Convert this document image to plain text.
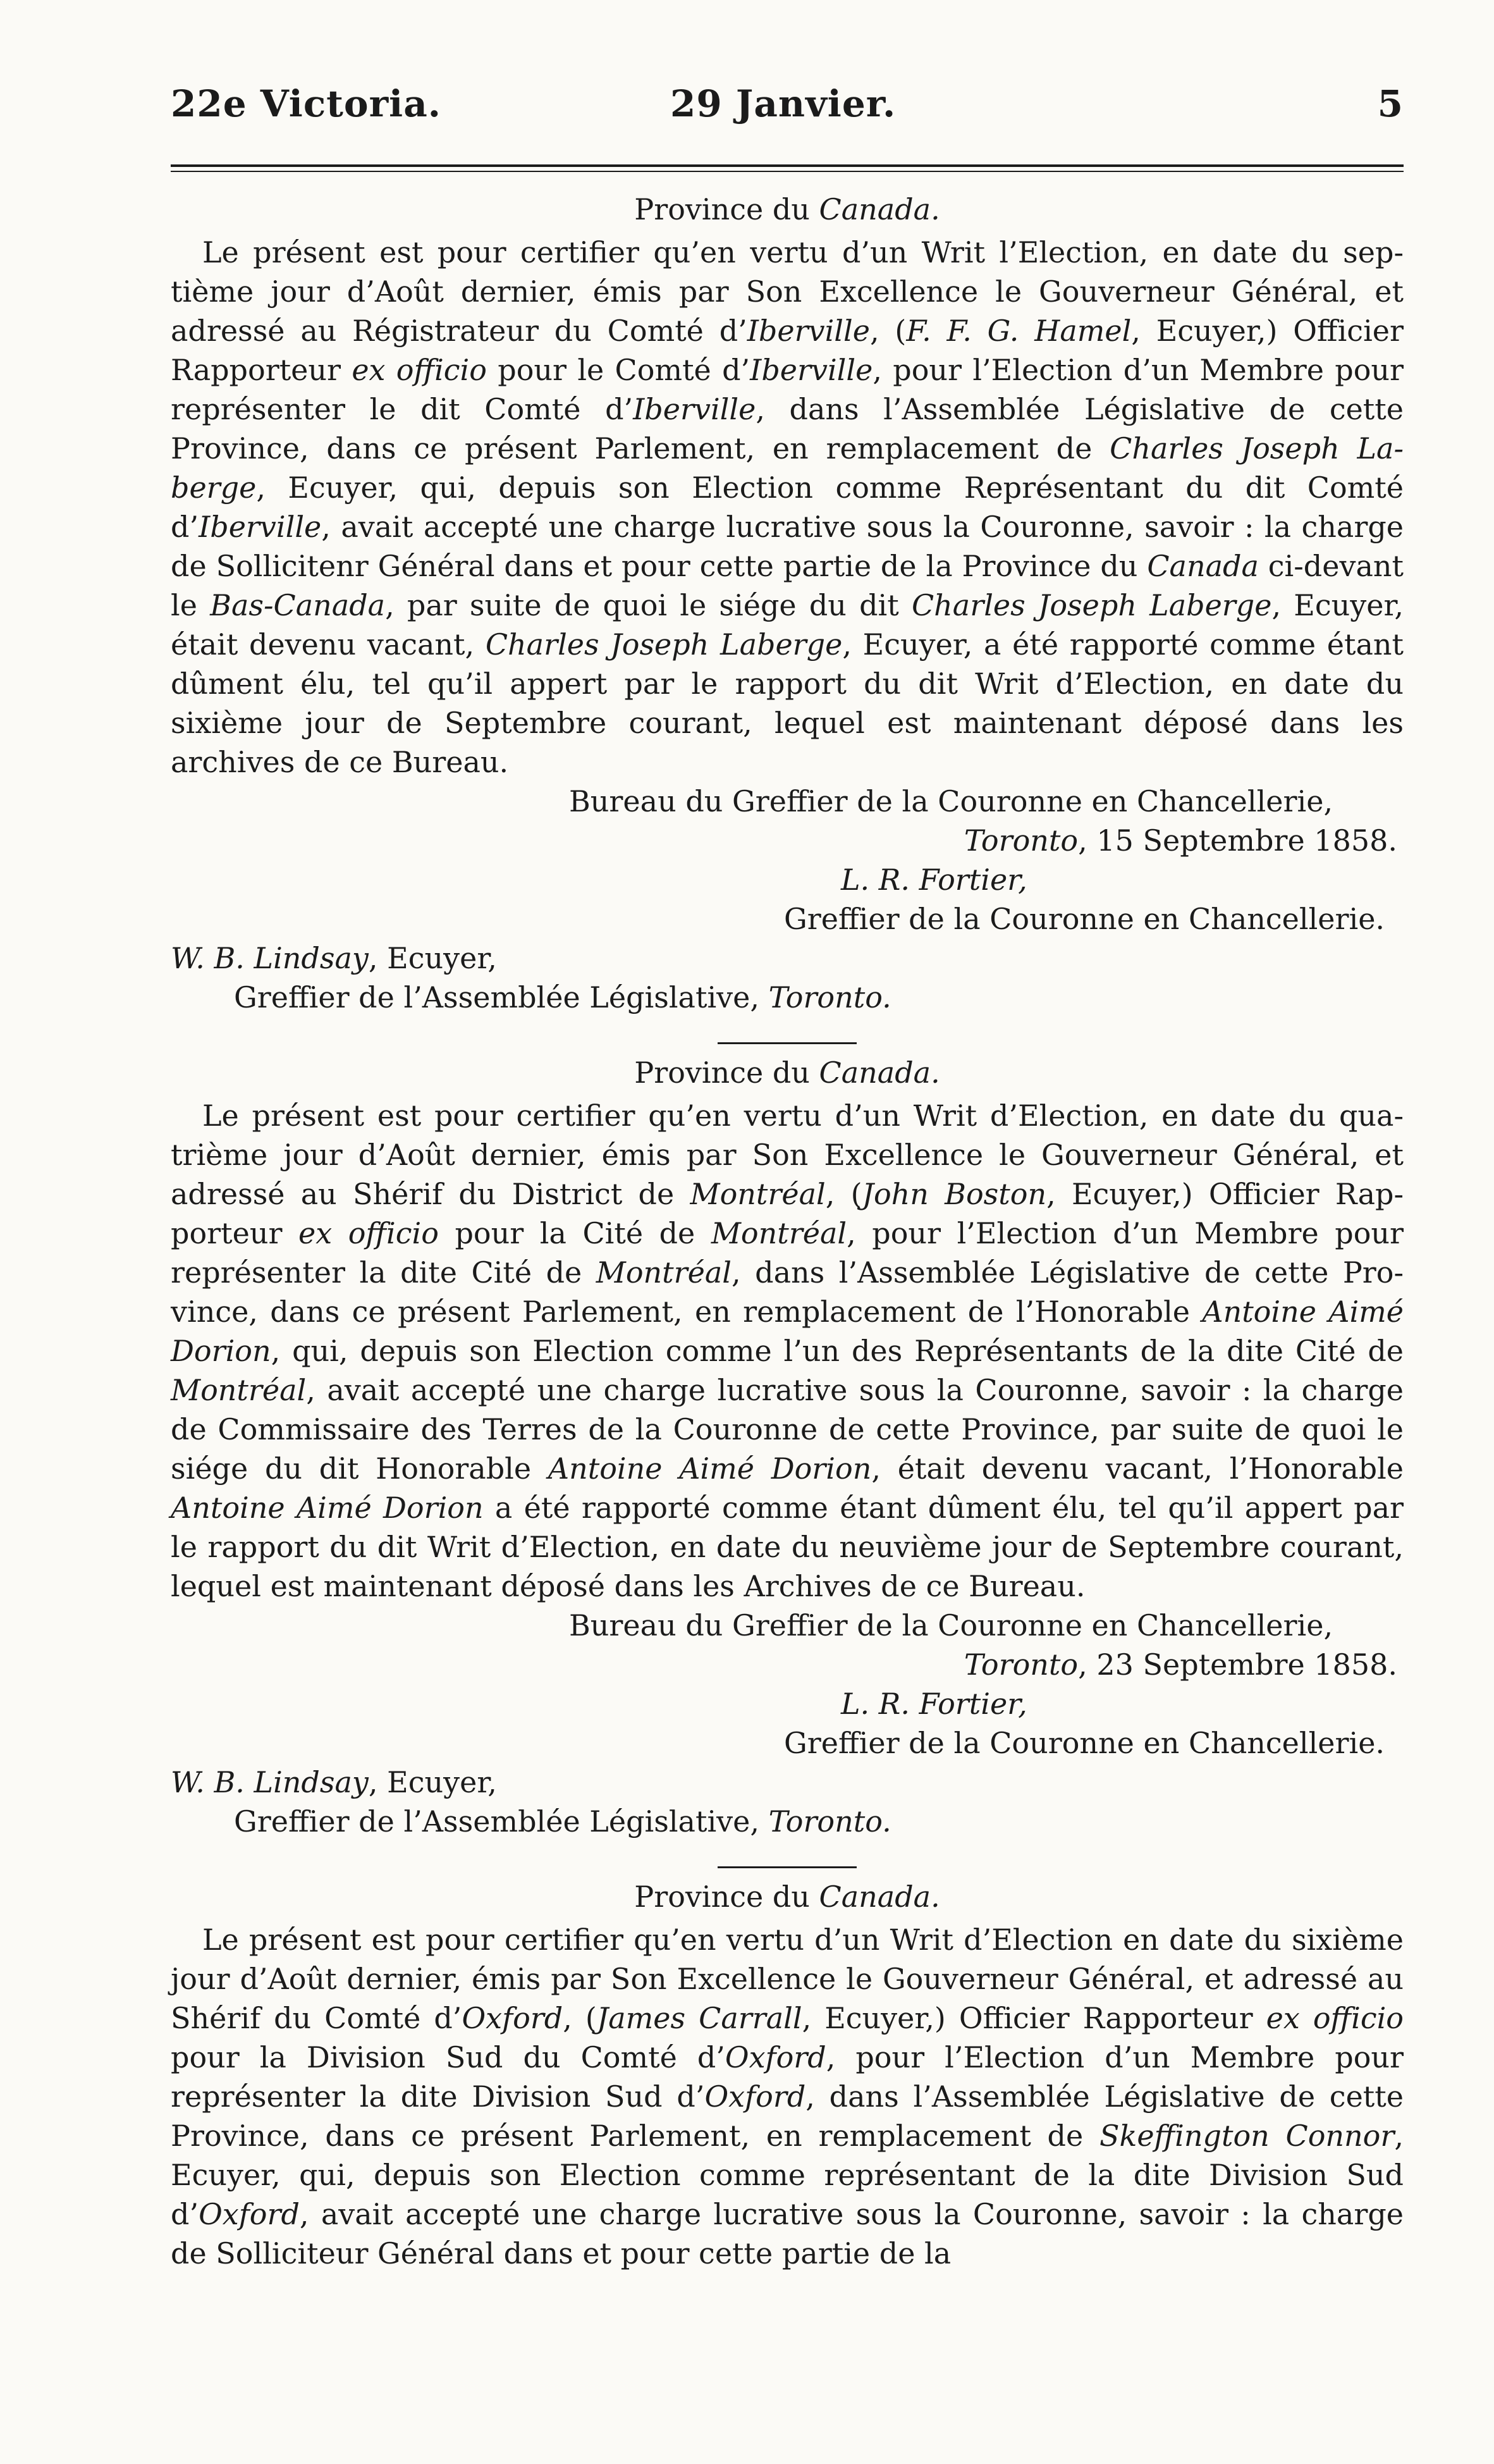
22e Victoria.	29 Janvier.	5

Province du Canada.

Le présent est pour certifier qu’en vertu d’un Writ l’Election, en date du septième jour d’Août dernier, émis par Son Excellence le Gouverneur Général, et adressé au Régistrateur du Comté d’Iberville, (F. F. G. Hamel, Ecuyer,) Officier Rapporteur ex officio pour le Comté d’Iberville, pour l’Election d’un Membre pour représenter le dit Comté d’Iberville, dans l’Assemblée Législative de cette Province, dans ce présent Parlement, en remplacement de Charles Joseph Laberge, Ecuyer, qui, depuis son Election comme Représentant du dit Comté d’Iberville, avait accepté une charge lucrative sous la Couronne, savoir : la charge de Sollicitenr Général dans et pour cette partie de la Province du Canada ci-devant le Bas-Canada, par suite de quoi le siége du dit Charles Joseph Laberge, Ecuyer, était devenu vacant, Charles Joseph Laberge, Ecuyer, a été rapporté comme étant dûment élu, tel qu’il appert par le rapport du dit Writ d’Election, en date du sixième jour de Septembre courant, lequel est maintenant déposé dans les archives de ce Bureau.

Bureau du Greffier de la Couronne en Chancellerie,

Toronto, 15 Septembre 1858.

L. R. Fortier,

Greffier de la Couronne en Chancellerie.

W. B. Lindsay, Ecuyer,

Greffier de l’Assemblée Législative, Toronto.

Province du Canada.

Le présent est pour certifier qu’en vertu d’un Writ d’Election, en date du quatrième jour d’Août dernier, émis par Son Excellence le Gouverneur Général, et adressé au Shérif du District de Montréal, (John Boston, Ecuyer,) Officier Rapporteur ex officio pour la Cité de Montréal, pour l’Election d’un Membre pour représenter la dite Cité de Montréal, dans l’Assemblée Législative de cette Province, dans ce présent Parlement, en remplacement de l’Honorable Antoine Aimé Dorion, qui, depuis son Election comme l’un des Représentants de la dite Cité de Montréal, avait accepté une charge lucrative sous la Couronne, savoir : la charge de Commissaire des Terres de la Couronne de cette Province, par suite de quoi le siége du dit Honorable Antoine Aimé Dorion, était devenu vacant, l’Honorable Antoine Aimé Dorion a été rapporté comme étant dûment élu, tel qu’il appert par le rapport du dit Writ d’Election, en date du neuvième jour de Septembre courant, lequel est maintenant déposé dans les Archives de ce Bureau.

Bureau du Greffier de la Couronne en Chancellerie,

Toronto, 23 Septembre 1858.

L. R. Fortier,

Greffier de la Couronne en Chancellerie.

W. B. Lindsay, Ecuyer,

Greffier de l’Assemblée Législative, Toronto.

Province du Canada.

Le présent est pour certifier qu’en vertu d’un Writ d’Election en date du sixième jour d’Août dernier, émis par Son Excellence le Gouverneur Général, et adressé au Shérif du Comté d’Oxford, (James Carrall, Ecuyer,) Officier Rapporteur ex officio pour la Division Sud du Comté d’Oxford, pour l’Election d’un Membre pour représenter la dite Division Sud d’Oxford, dans l’Assemblée Législative de cette Province, dans ce présent Parlement, en remplacement de Skeffington Connor, Ecuyer, qui, depuis son Election comme représentant de la dite Division Sud d’Oxford, avait accepté une charge lucrative sous la Couronne, savoir : la charge de Solliciteur Général dans et pour cette partie de la
